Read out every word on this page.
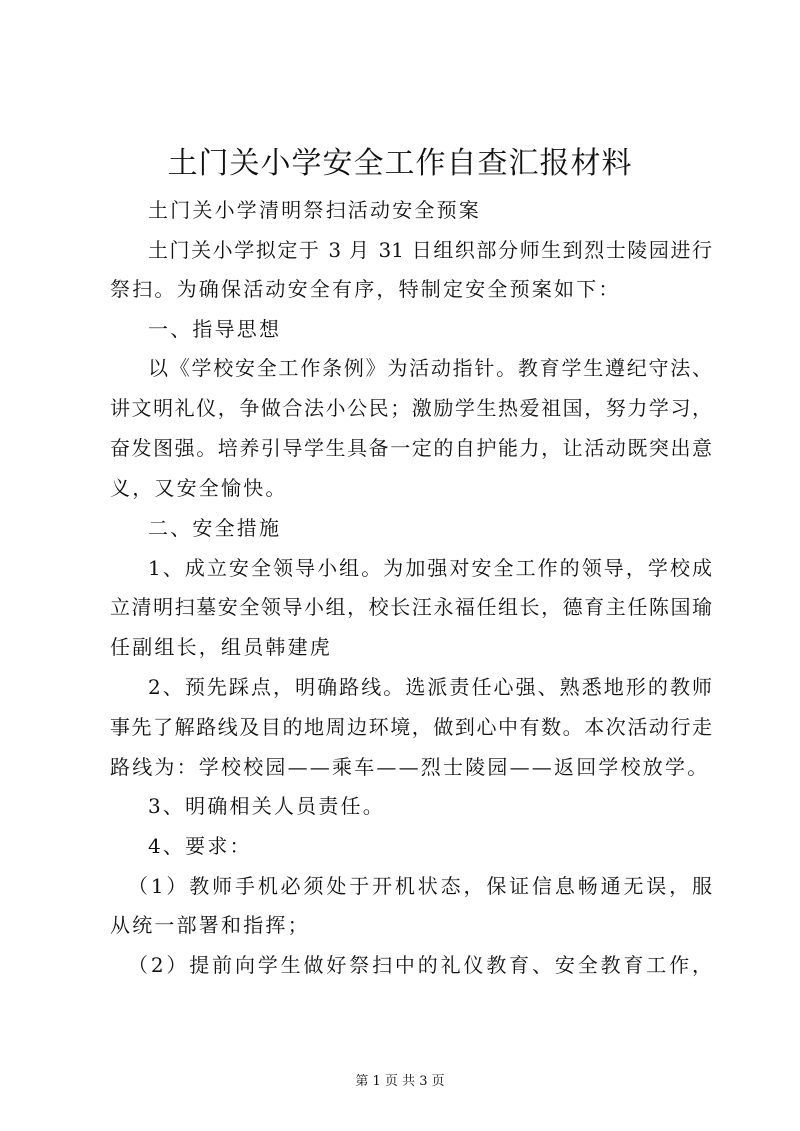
土门关小学安全工作自查汇报材料
土门关小学清明祭扫活动安全预案
土门关小学拟定于 3 月 31 日组织部分师生到烈士陵园进行
祭扫。为确保活动安全有序，特制定安全预案如下：
一、指导思想
以《学校安全工作条例》为活动指针。教育学生遵纪守法、
讲文明礼仪，争做合法小公民；激励学生热爱祖国，努力学习，
奋发图强。培养引导学生具备一定的自护能力，让活动既突出意
义，又安全愉快。
二、安全措施
1、成立安全领导小组。为加强对安全工作的领导，学校成
立清明扫墓安全领导小组，校长汪永福任组长，德育主任陈国瑜
任副组长，组员韩建虎
2、预先踩点，明确路线。选派责任心强、熟悉地形的教师
事先了解路线及目的地周边环境，做到心中有数。本次活动行走
路线为：学校校园——乘车——烈士陵园——返回学校放学。
3、明确相关人员责任。
4、要求：
（1）教师手机必须处于开机状态，保证信息畅通无误，服
从统一部署和指挥；
（2）提前向学生做好祭扫中的礼仪教育、安全教育工作，
第 1 页 共 3 页
